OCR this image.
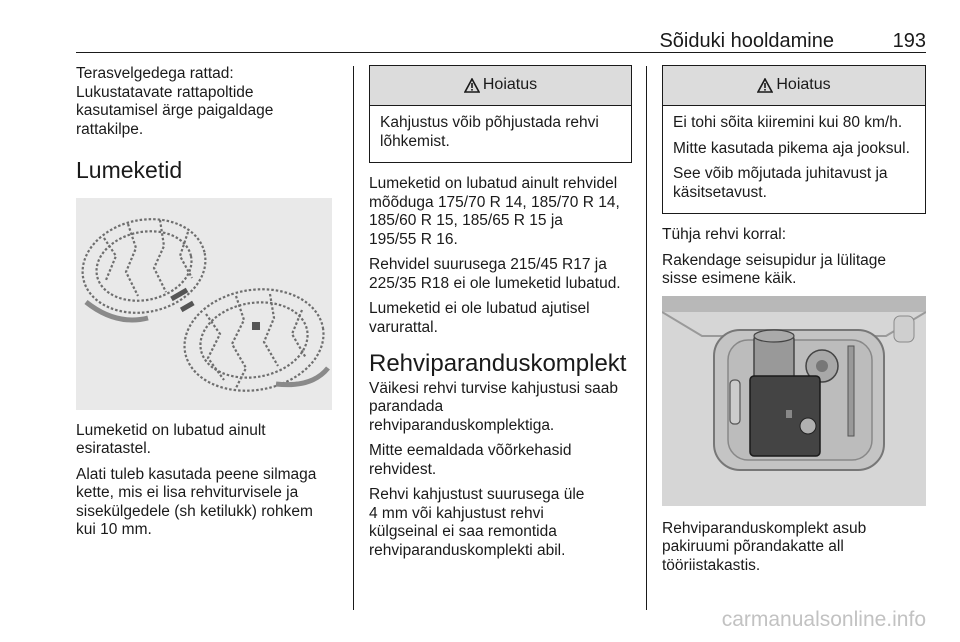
Sõiduki hooldamine	193

Terasvelgedega rattad:
Lukustatavate rattapoltide
kasutamisel ärge paigaldage
rattakilpe.

Lumeketid

Lumeketid on lubatud ainult
esiratastel.

Alati tuleb kasutada peene silmaga
kette, mis ei lisa rehviturvisele ja
sisekülgedele (sh ketilukk) rohkem
kui 10 mm.

Hoiatus

Kahjustus võib põhjustada rehvi
lõhkemist.

Lumeketid on lubatud ainult rehvidel
mõõduga 175/70 R 14, 185/70 R 14,
185/60 R 15, 185/65 R 15 ja
195/55 R 16.

Rehvidel suurusega 215/45 R17 ja
225/35 R18 ei ole lumeketid lubatud.

Lumeketid ei ole lubatud ajutisel
varurattal.

Rehviparanduskomplekt

Väikesi rehvi turvise kahjustusi saab
parandada
rehviparanduskomplektiga.

Mitte eemaldada võõrkehasid
rehvidest.

Rehvi kahjustust suurusega üle
4 mm või kahjustust rehvi
külgseinal ei saa remontida
rehviparanduskomplekti abil.

Hoiatus

Ei tohi sõita kiiremini kui 80 km/h.

Mitte kasutada pikema aja jooksul.

See võib mõjutada juhitavust ja
käsitsetavust.

Tühja rehvi korral:

Rakendage seisupidur ja lülitage
sisse esimene käik.

Rehviparanduskomplekt asub
pakiruumi põrandakatte all
tööriistakastis.

carmanualsonline.info
